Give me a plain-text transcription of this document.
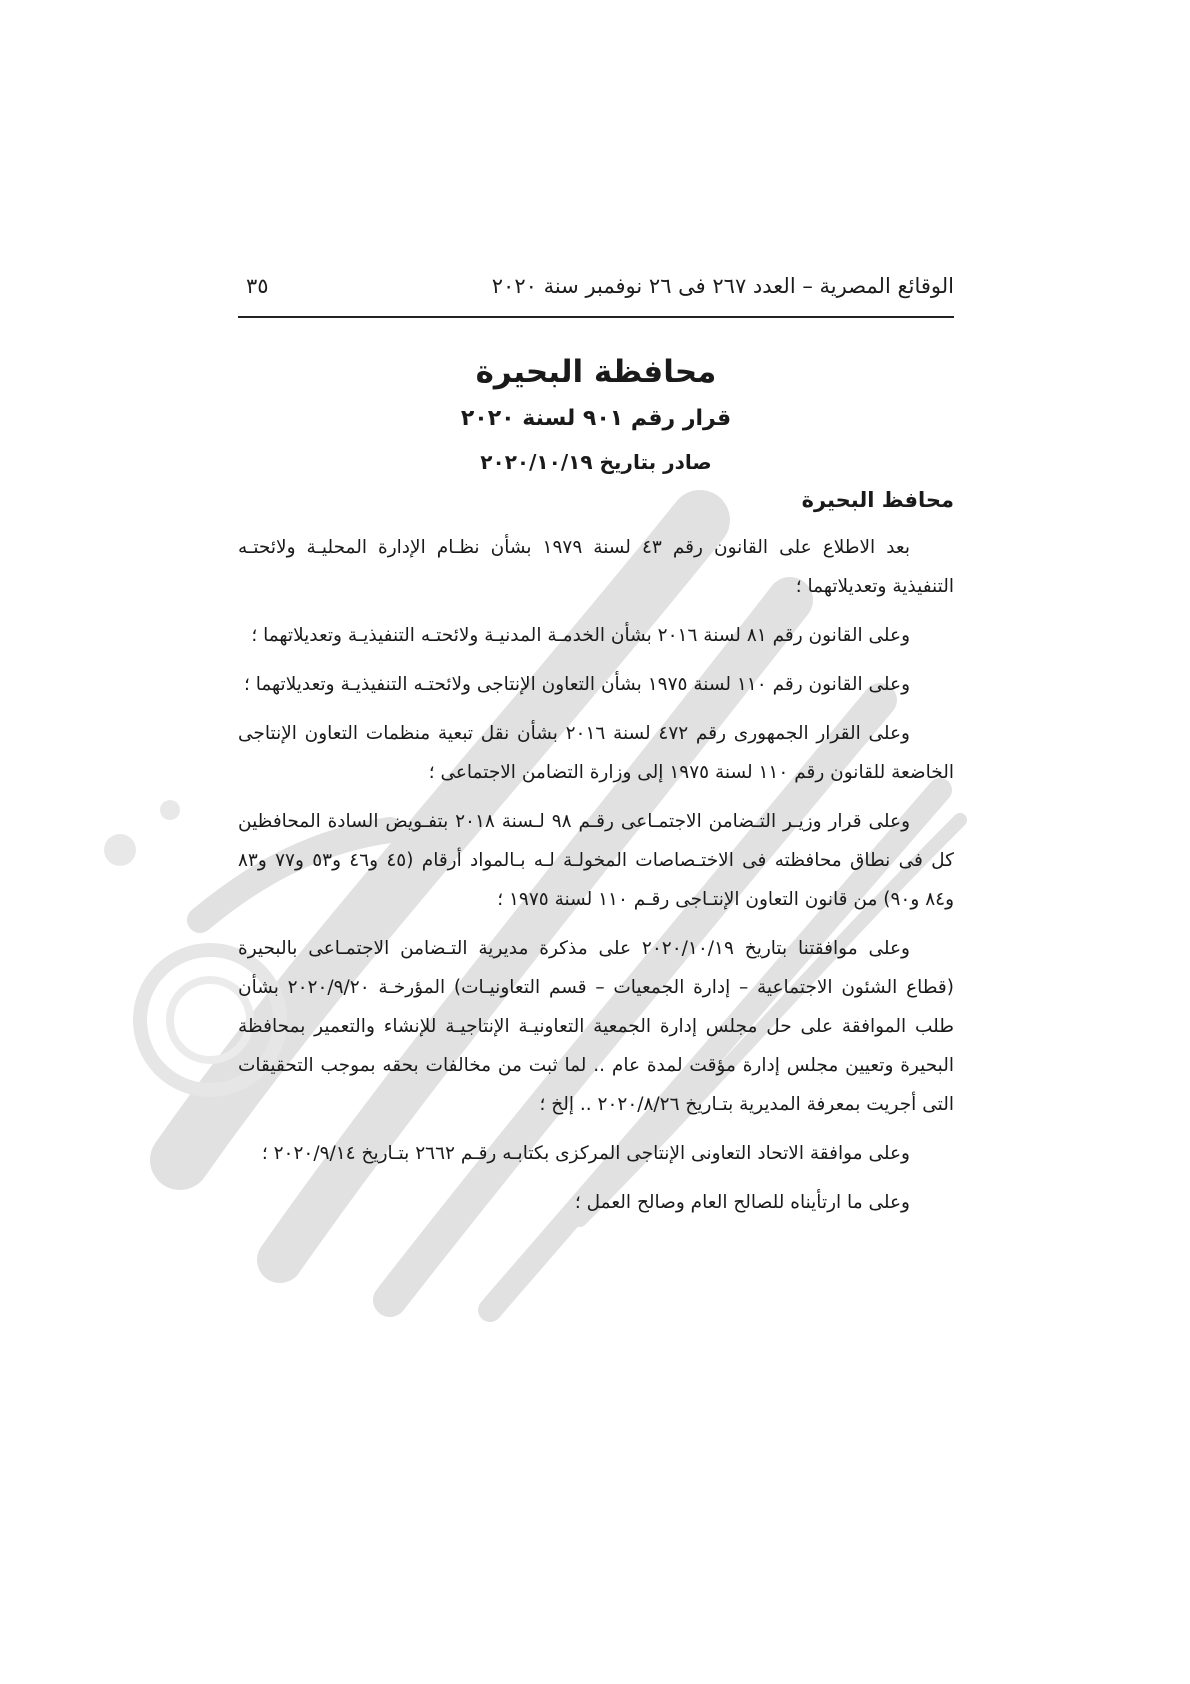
الوقائع المصرية – العدد ٢٦٧ فى ٢٦ نوفمبر سنة ٢٠٢٠
٣٥
محافظة البحيرة
قرار رقم ٩٠١ لسنة ٢٠٢٠
صادر بتاريخ ٢٠٢٠/١٠/١٩
محافظ البحيرة

بعد الاطلاع على القانون رقم ٤٣ لسنة ١٩٧٩ بشأن نظـام الإدارة المحليـة ولائحتـه التنفيذية وتعديلاتهما ؛

وعلى القانون رقم ٨١ لسنة ٢٠١٦ بشأن الخدمـة المدنيـة ولائحتـه التنفيذيـة وتعديلاتهما ؛

وعلى القانون رقم ١١٠ لسنة ١٩٧٥ بشأن التعاون الإنتاجى ولائحتـه التنفيذيـة وتعديلاتهما ؛

وعلى القرار الجمهورى رقم ٤٧٢ لسنة ٢٠١٦ بشأن نقل تبعية منظمات التعاون الإنتاجى الخاضعة للقانون رقم ١١٠ لسنة ١٩٧٥ إلى وزارة التضامن الاجتماعى ؛

وعلى قرار وزيـر التـضامن الاجتمـاعى رقـم ٩٨ لـسنة ٢٠١٨ بتفـويض السادة المحافظين كل فى نطاق محافظته فى الاختـصاصات المخولـة لـه بـالمواد أرقام (٤٥ و٤٦ و٥٣ و٧٧ و٨٣ و٨٤ و٩٠) من قانون التعاون الإنتـاجى رقـم ١١٠ لسنة ١٩٧٥ ؛

وعلى موافقتنا بتاريخ ٢٠٢٠/١٠/١٩ على مذكرة مديرية التـضامن الاجتمـاعى بالبحيرة (قطاع الشئون الاجتماعية – إدارة الجمعيات – قسم التعاونيـات) المؤرخـة ٢٠٢٠/٩/٢٠ بشأن طلب الموافقة على حل مجلس إدارة الجمعية التعاونيـة الإنتاجيـة للإنشاء والتعمير بمحافظة البحيرة وتعيين مجلس إدارة مؤقت لمدة عام .. لما ثبت من مخالفات بحقه بموجب التحقيقات التى أجريت بمعرفة المديرية بتـاريخ ٢٠٢٠/٨/٢٦ .. إلخ ؛

وعلى موافقة الاتحاد التعاونى الإنتاجى المركزى بكتابـه رقـم ٢٦٦٢ بتـاريخ ٢٠٢٠/٩/١٤ ؛

وعلى ما ارتأيناه للصالح العام وصالح العمل ؛
